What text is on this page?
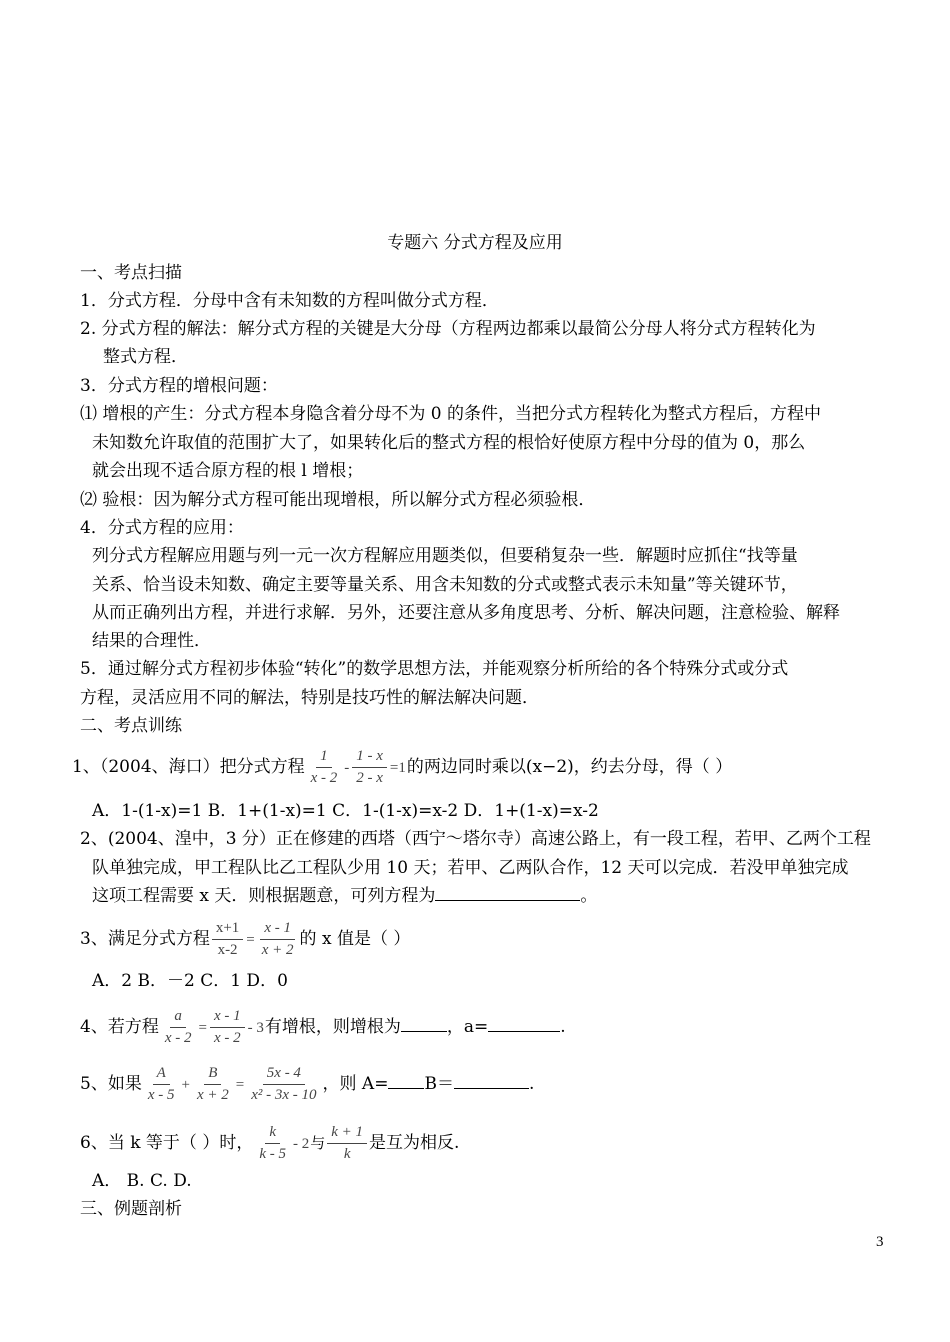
专题六 分式方程及应用
一、考点扫描
1．分式方程．分母中含有未知数的方程叫做分式方程．
2. 分式方程的解法：解分式方程的关键是大分母（方程两边都乘以最简公分母人将分式方程转化为
整式方程．
3．分式方程的增根问题：
⑴ 增根的产生：分式方程本身隐含着分母不为 0 的条件，当把分式方程转化为整式方程后，方程中
未知数允许取值的范围扩大了，如果转化后的整式方程的根恰好使原方程中分母的值为 0，那么
就会出现不适合原方程的根 l 增根；
⑵ 验根：因为解分式方程可能出现增根，所以解分式方程必须验根．
4．分式方程的应用：
列分式方程解应用题与列一元一次方程解应用题类似，但要稍复杂一些．解题时应抓住“找等量
关系、恰当设未知数、确定主要等量关系、用含未知数的分式或整式表示未知量”等关键环节，
从而正确列出方程，并进行求解．另外，还要注意从多角度思考、分析、解决问题，注意检验、解释
结果的合理性．
5．通过解分式方程初步体验“转化”的数学思想方法，并能观察分析所给的各个特殊分式或分式
方程，灵活应用不同的解法，特别是技巧性的解法解决问题．
二、考点训练
1、（2004、海口）把分式方程 $\frac{1}{x - 2} - \frac{1 - x}{2 - x} =1$的两边同时乘以(x−2)，约去分母，得（ ）
A．1-(1-x)=1 B．1+(1-x)=1 C．1-(1-x)=x-2 D．1+(1-x)=x-2
2、(2004、湟中，3 分）正在修建的西塔（西宁～塔尔寺）高速公路上，有一段工程，若甲、乙两个工程
队单独完成，甲工程队比乙工程队少用 10 天；若甲、乙两队合作，12 天可以完成．若没甲单独完成
这项工程需要 x 天．则根据题意，可列方程为	。
3、满足分式方程 $\frac{x+1}{x-2} = \frac{x - 1}{x + 2}$ 的 x 值是（ ）
A．2 B．－2 C．1 D．0
4、若方程 $\frac{a}{x - 2} = \frac{x - 1}{x - 2} - 3$有增根，则增根为	，a=	.
5、如果 $\frac{A}{x - 5} + \frac{B}{x + 2} = \frac{5x - 4}{\text{x² - 3x - 10}}$ ，则 A= B＝	.
6、当 k 等于（ ）时， $\frac{k}{k - 5} - 2$与 $\frac{k + 1}{k}$ 是互为相反.
A． B. C. D.
三、例题剖析
3
